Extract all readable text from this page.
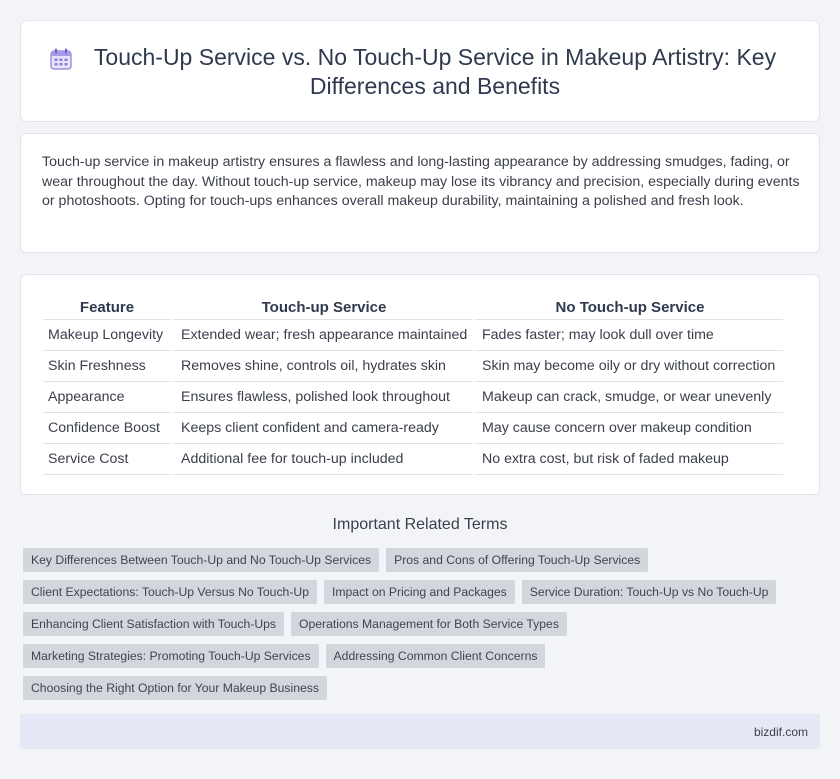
Touch-Up Service vs. No Touch-Up Service in Makeup Artistry: Key Differences and Benefits

Touch-up service in makeup artistry ensures a flawless and long-lasting appearance by addressing smudges, fading, or wear throughout the day. Without touch-up service, makeup may lose its vibrancy and precision, especially during events or photoshoots. Opting for touch-ups enhances overall makeup durability, maintaining a polished and fresh look.

Feature	Touch-up Service	No Touch-up Service
Makeup Longevity	Extended wear; fresh appearance maintained	Fades faster; may look dull over time
Skin Freshness	Removes shine, controls oil, hydrates skin	Skin may become oily or dry without correction
Appearance	Ensures flawless, polished look throughout	Makeup can crack, smudge, or wear unevenly
Confidence Boost	Keeps client confident and camera-ready	May cause concern over makeup condition
Service Cost	Additional fee for touch-up included	No extra cost, but risk of faded makeup
Important Related Terms
Key Differences Between Touch-Up and No Touch-Up Services	Pros and Cons of Offering Touch-Up Services
Client Expectations: Touch-Up Versus No Touch-Up	Impact on Pricing and Packages	Service Duration: Touch-Up vs No Touch-Up
Enhancing Client Satisfaction with Touch-Ups	Operations Management for Both Service Types
Marketing Strategies: Promoting Touch-Up Services	Addressing Common Client Concerns
Choosing the Right Option for Your Makeup Business
bizdif.com
